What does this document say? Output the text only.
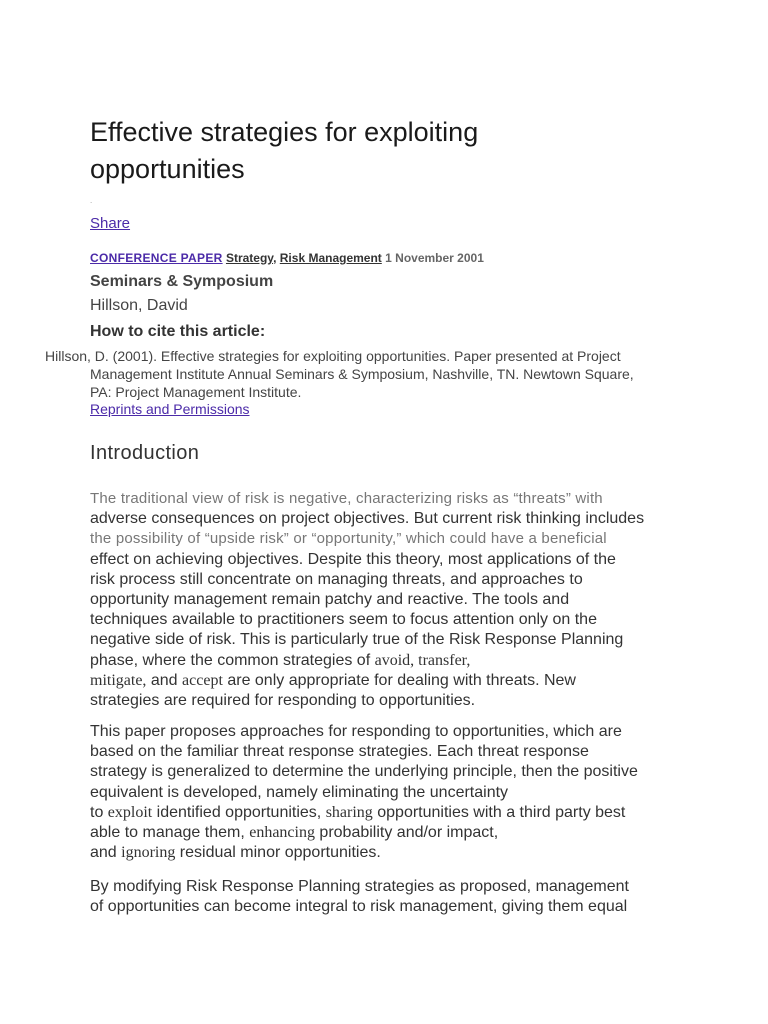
Effective strategies for exploiting opportunities
.
Share
CONFERENCE PAPER Strategy, Risk Management 1 November 2001
Seminars & Symposium
Hillson, David
How to cite this article:
Hillson, D. (2001). Effective strategies for exploiting opportunities. Paper presented at Project
Management Institute Annual Seminars & Symposium, Nashville, TN. Newtown Square,
PA: Project Management Institute.
Reprints and Permissions
Introduction
The traditional view of risk is negative, characterizing risks as “threats” with
adverse consequences on project objectives. But current risk thinking includes
the possibility of “upside risk” or “opportunity,” which could have a beneficial
effect on achieving objectives. Despite this theory, most applications of the
risk process still concentrate on managing threats, and approaches to
opportunity management remain patchy and reactive. The tools and
techniques available to practitioners seem to focus attention only on the
negative side of risk. This is particularly true of the Risk Response Planning
phase, where the common strategies of avoid, transfer,
mitigate, and accept are only appropriate for dealing with threats. New
strategies are required for responding to opportunities.
This paper proposes approaches for responding to opportunities, which are
based on the familiar threat response strategies. Each threat response
strategy is generalized to determine the underlying principle, then the positive
equivalent is developed, namely eliminating the uncertainty
to exploit identified opportunities, sharing opportunities with a third party best
able to manage them, enhancing probability and/or impact,
and ignoring residual minor opportunities.
By modifying Risk Response Planning strategies as proposed, management
of opportunities can become integral to risk management, giving them equal
